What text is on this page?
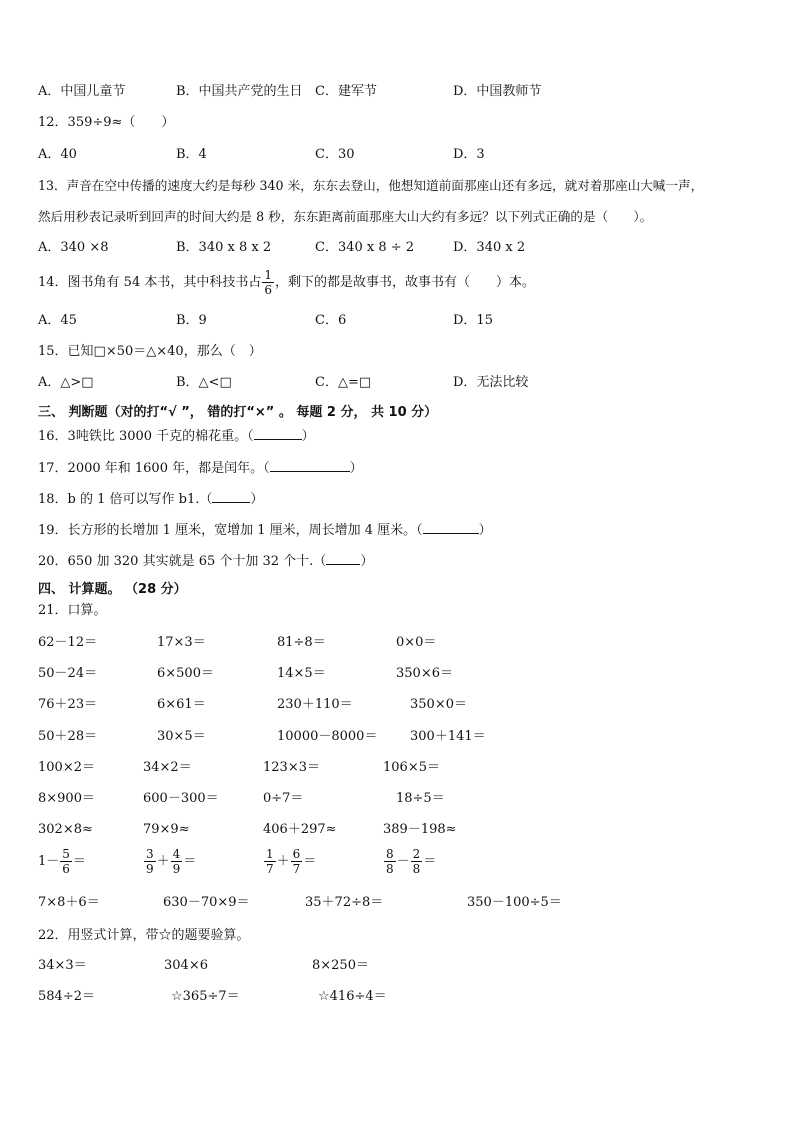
A．中国儿童节	B．中国共产党的生日 C．建军节	D．中国教师节
12．359÷9≈（　　）
A．40	B．4	C．30	D．3
13．声音在空中传播的速度大约是每秒 340 米，东东去登山，他想知道前面那座山还有多远，就对着那座山大喊一声，
然后用秒表记录听到回声的时间大约是 8 秒，东东距离前面那座大山大约有多远？以下列式正确的是（　　）。
A．340 ×8	B．340 x 8 x 2	C．340 x 8 ÷ 2	D．340 x 2
14．图书角有 54 本书，其中科技书占 $\frac{1}{6}$ ，剩下的都是故事书，故事书有（　　）本。
A．45	B．9	C．6	D．15
15．已知□×50＝△×40，那么（　）
A．△>□	B．△<□	C．△=□	D．无法比较
三、 判断题（对的打“√ ”， 错的打“×” 。 每题 2 分， 共 10 分）
四、 计算题。 （28 分）
21．口算。
22．用竖式计算，带☆的题要验算。
16．3吨铁比 3000 千克的棉花重。（	）
17．2000 年和 1600 年，都是闰年。（	）
18．b 的 1 倍可以写作 b1.（	）
19．长方形的长增加 1 厘米，宽增加 1 厘米，周长增加 4 厘米。（	）
20．650 加 320 其实就是 65 个十加 32 个十.（	）
62－12＝	17×3＝	81÷8＝	0×0＝
50－24＝	6×500＝	14×5＝	350×6＝
76＋23＝	6×61＝	230＋110＝	350×0＝
50＋28＝	30×5＝	10000－8000＝	300＋141＝
100×2＝	34×2＝	123×3＝	106×5＝
8×900＝	600－300＝	0÷7＝	18÷5＝
302×8≈	79×9≈	406＋297≈	389－198≈
$1- \frac{5}{6}$ ＝	$\frac{3}{9} + \frac{4}{9}$ ＝	$\frac{1}{7} + \frac{6}{7}$ ＝	$\frac{8}{8} - \frac{2}{8}$ ＝
7×8＋6＝	630－70×9＝	35＋72÷8＝	350－100÷5＝
34×3＝	304×6	8×250＝
584÷2＝	☆365÷7＝	☆416÷4＝
